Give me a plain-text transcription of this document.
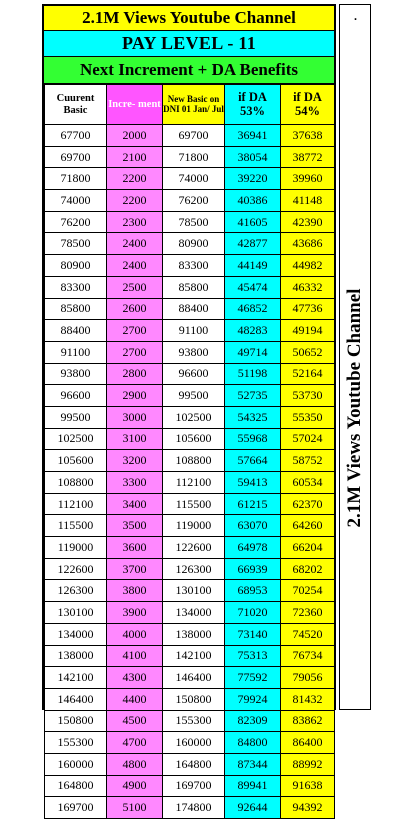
2.1M Views Youtube Channel
PAY LEVEL - 11
Next Increment + DA Benefits
Cuurent Basic	Incre- ment	New Basic on DNI 01 Jan/ Jul	if DA 53%	if DA 54%
67700	2000	69700	36941	37638
69700	2100	71800	38054	38772
71800	2200	74000	39220	39960
74000	2200	76200	40386	41148
76200	2300	78500	41605	42390
78500	2400	80900	42877	43686
80900	2400	83300	44149	44982
83300	2500	85800	45474	46332
85800	2600	88400	46852	47736
88400	2700	91100	48283	49194
91100	2700	93800	49714	50652
93800	2800	96600	51198	52164
96600	2900	99500	52735	53730
99500	3000	102500	54325	55350
102500	3100	105600	55968	57024
105600	3200	108800	57664	58752
108800	3300	112100	59413	60534
112100	3400	115500	61215	62370
115500	3500	119000	63070	64260
119000	3600	122600	64978	66204
122600	3700	126300	66939	68202
126300	3800	130100	68953	70254
130100	3900	134000	71020	72360
134000	4000	138000	73140	74520
138000	4100	142100	75313	76734
142100	4300	146400	77592	79056
146400	4400	150800	79924	81432
150800	4500	155300	82309	83862
155300	4700	160000	84800	86400
160000	4800	164800	87344	88992
164800	4900	169700	89941	91638
169700	5100	174800	92644	94392
.
2.1M Views Youtube Channel
